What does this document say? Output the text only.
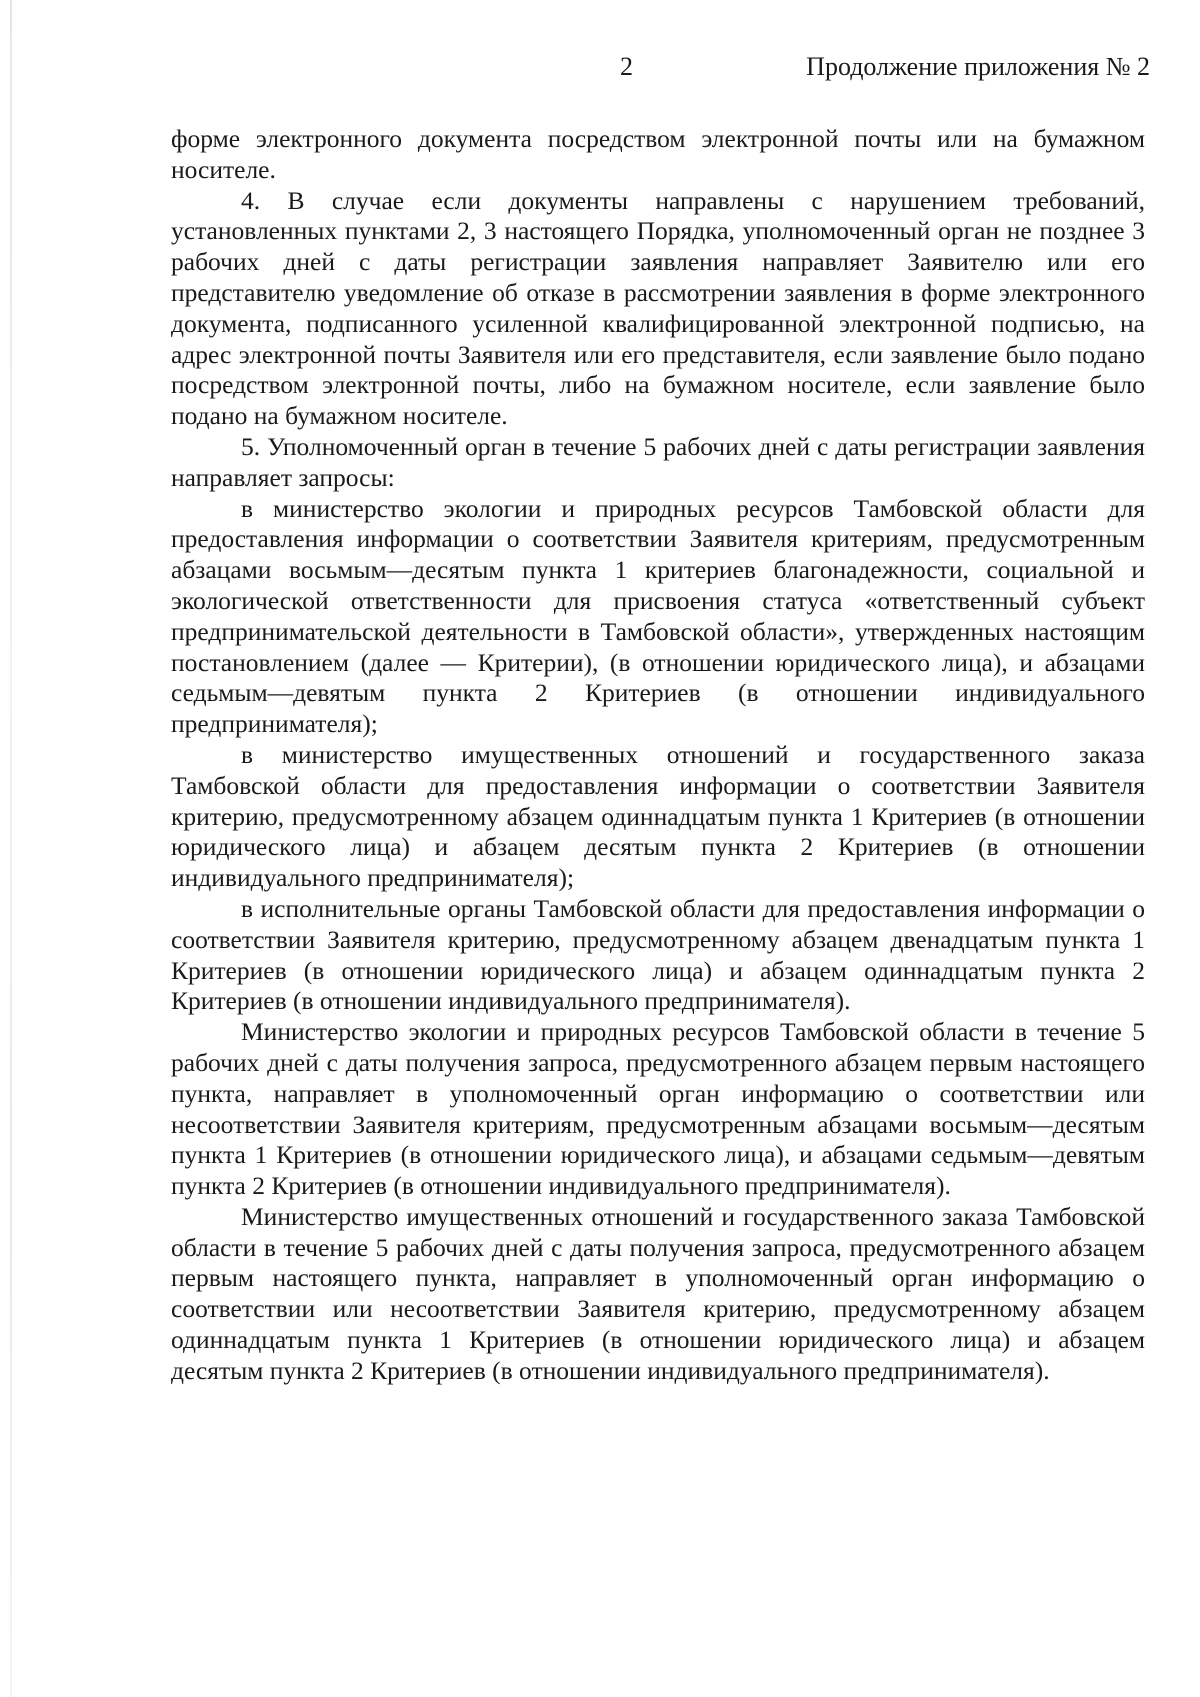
2	Продолжение приложения № 2

форме электронного документа посредством электронной почты или на бумажном носителе.

4. В случае если документы направлены с нарушением требований, установленных пунктами 2, 3 настоящего Порядка, уполномоченный орган не позднее 3 рабочих дней с даты регистрации заявления направляет Заявителю или его представителю уведомление об отказе в рассмотрении заявления в форме электронного документа, подписанного усиленной квалифицированной электронной подписью, на адрес электронной почты Заявителя или его представителя, если заявление было подано посредством электронной почты, либо на бумажном носителе, если заявление было подано на бумажном носителе.

5. Уполномоченный орган в течение 5 рабочих дней с даты регистрации заявления направляет запросы:

в министерство экологии и природных ресурсов Тамбовской области для предоставления информации о соответствии Заявителя критериям, предусмотренным абзацами восьмым—десятым пункта 1 критериев благонадежности, социальной и экологической ответственности для присвоения статуса «ответственный субъект предпринимательской деятельности в Тамбовской области», утвержденных настоящим постановлением (далее — Критерии), (в отношении юридического лица), и абзацами седьмым—девятым пункта 2 Критериев (в отношении индивидуального предпринимателя);

в министерство имущественных отношений и государственного заказа Тамбовской области для предоставления информации о соответствии Заявителя критерию, предусмотренному абзацем одиннадцатым пункта 1 Критериев (в отношении юридического лица) и абзацем десятым пункта 2 Критериев (в отношении индивидуального предпринимателя);

в исполнительные органы Тамбовской области для предоставления информации о соответствии Заявителя критерию, предусмотренному абзацем двенадцатым пункта 1 Критериев (в отношении юридического лица) и абзацем одиннадцатым пункта 2 Критериев (в отношении индивидуального предпринимателя).

Министерство экологии и природных ресурсов Тамбовской области в течение 5 рабочих дней с даты получения запроса, предусмотренного абзацем первым настоящего пункта, направляет в уполномоченный орган информацию о соответствии или несоответствии Заявителя критериям, предусмотренным абзацами восьмым—десятым пункта 1 Критериев (в отношении юридического лица), и абзацами седьмым—девятым пункта 2 Критериев (в отношении индивидуального предпринимателя).

Министерство имущественных отношений и государственного заказа Тамбовской области в течение 5 рабочих дней с даты получения запроса, предусмотренного абзацем первым настоящего пункта, направляет в уполномоченный орган информацию о соответствии или несоответствии Заявителя критерию, предусмотренному абзацем одиннадцатым пункта 1 Критериев (в отношении юридического лица) и абзацем десятым пункта 2 Критериев (в отношении индивидуального предпринимателя).
